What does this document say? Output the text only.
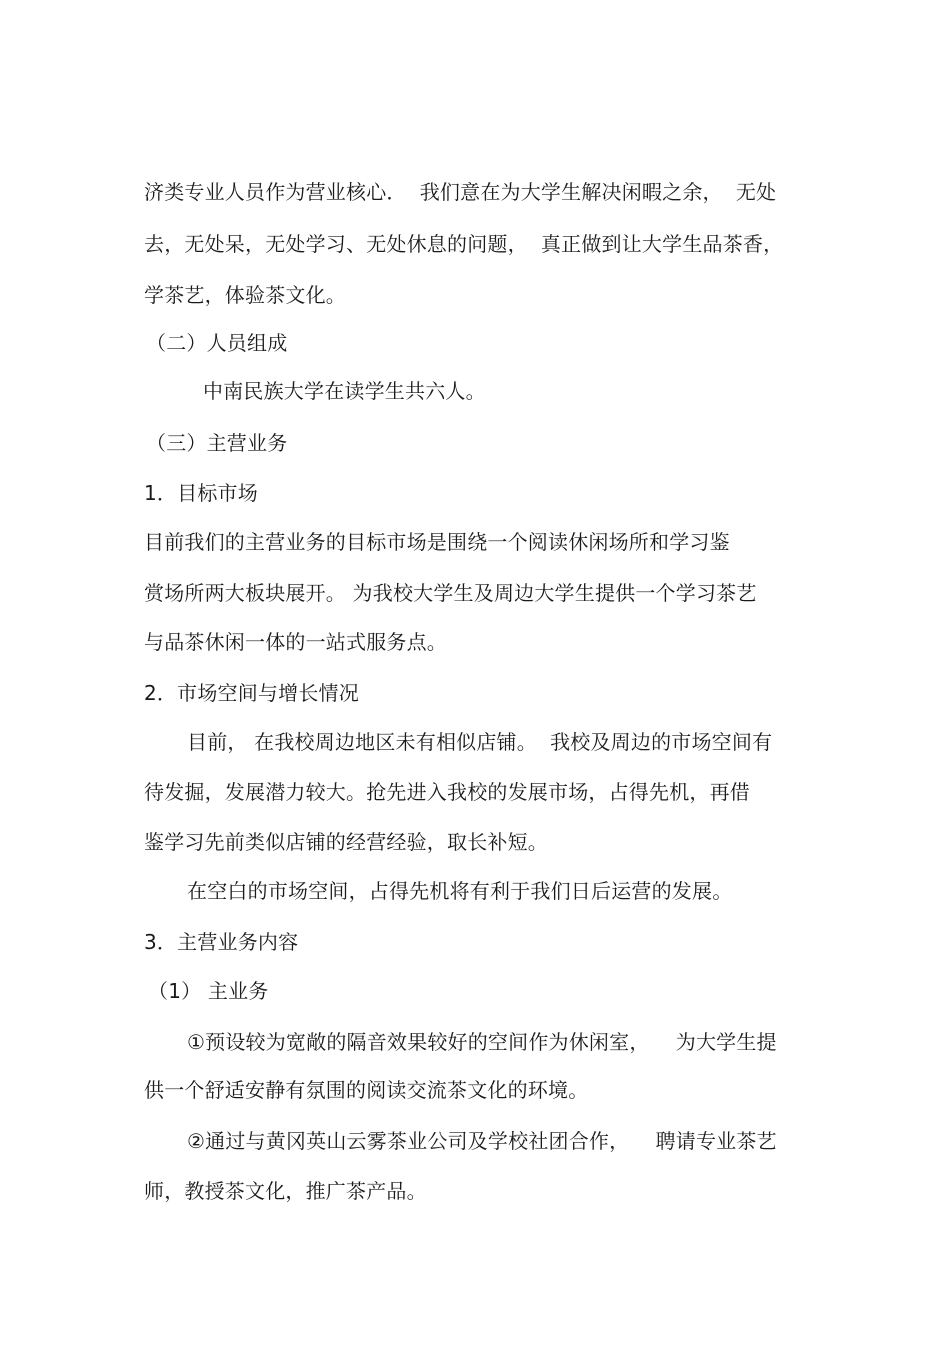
济类专业人员作为营业核心．  我们意在为大学生解决闲暇之余，  无处
去，无处呆，无处学习、无处休息的问题，  真正做到让大学生品茶香，
学茶艺，体验茶文化。
（二）人员组成
中南民族大学在读学生共六人。
（三）主营业务
1．目标市场
目前我们的主营业务的目标市场是围绕一个阅读休闲场所和学习鉴
赏场所两大板块展开。 为我校大学生及周边大学生提供一个学习茶艺
与品茶休闲一体的一站式服务点。
2．市场空间与增长情况
目前， 在我校周边地区未有相似店铺。  我校及周边的市场空间有
待发掘，发展潜力较大。抢先进入我校的发展市场，占得先机，再借
鉴学习先前类似店铺的经营经验，取长补短。
在空白的市场空间，占得先机将有利于我们日后运营的发展。
3．主营业务内容
（1） 主业务
①预设较为宽敞的隔音效果较好的空间作为休闲室，    为大学生提
供一个舒适安静有氛围的阅读交流茶文化的环境。
②通过与黄冈英山云雾茶业公司及学校社团合作，    聘请专业茶艺
师，教授茶文化，推广茶产品。
